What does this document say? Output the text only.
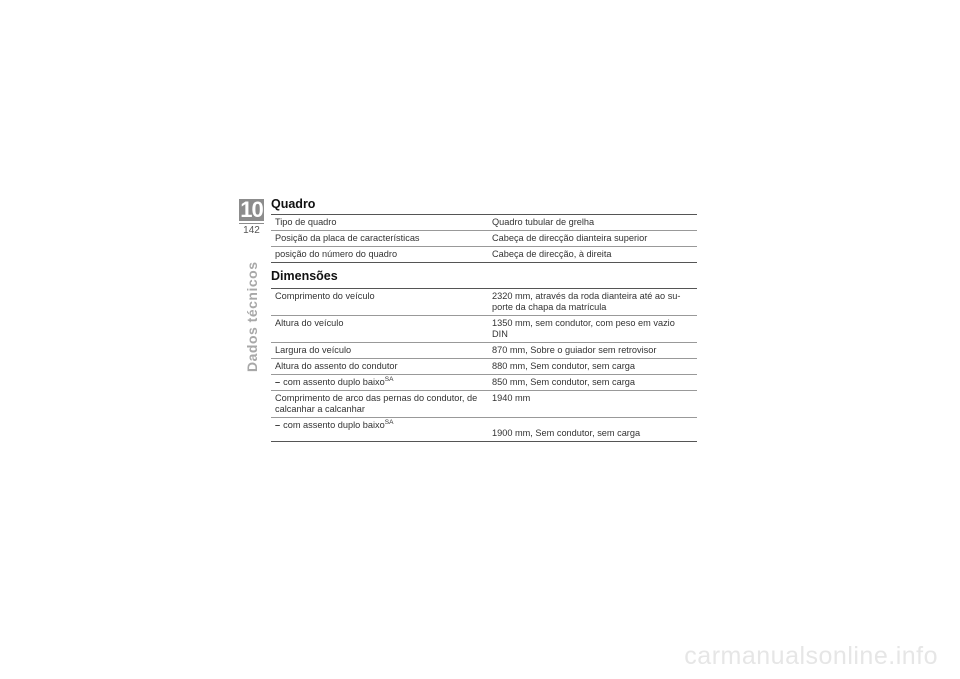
10
142
Dados técnicos
Quadro
Tipo de quadro	Quadro tubular de grelha
Posição da placa de características	Cabeça de direcção dianteira superior
posição do número do quadro	Cabeça de direcção, à direita
Dimensões
Comprimento do veículo	2320 mm, através da roda dianteira até ao su-porte da chapa da matrícula
Altura do veículo	1350 mm, sem condutor, com peso em vazio DIN
Largura do veículo	870 mm, Sobre o guiador sem retrovisor
Altura do assento do condutor	880 mm, Sem condutor, sem carga
– com assento duplo baixo$^{SA}$	850 mm, Sem condutor, sem carga
Comprimento de arco das pernas do condutor, de calcanhar a calcanhar	1940 mm
– com assento duplo baixo$^{SA}$	1900 mm, Sem condutor, sem carga
carmanualsonline.info
